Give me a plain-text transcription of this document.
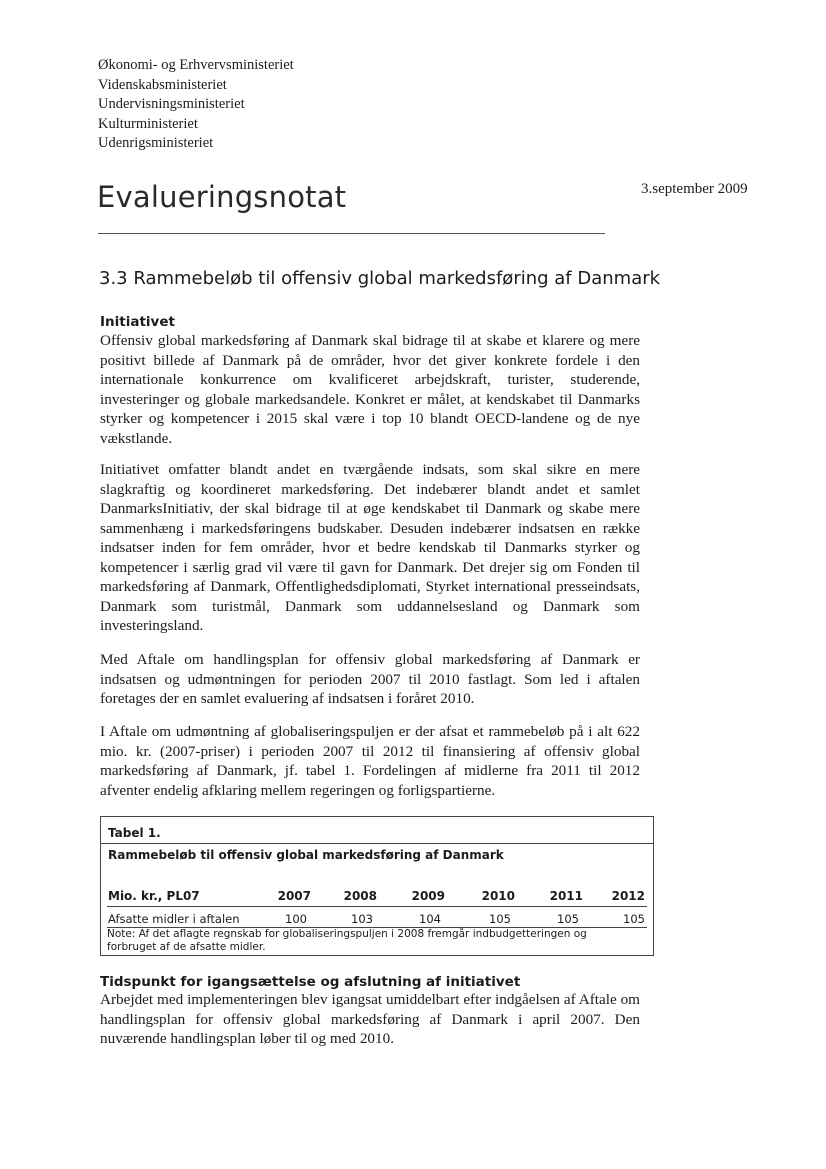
Økonomi- og Erhvervsministeriet
Videnskabsministeriet
Undervisningsministeriet
Kulturministeriet
Udenrigsministeriet
Evalueringsnotat	3.september 2009
3.3 Rammebeløb til offensiv global markedsføring af Danmark
Initiativet

Offensiv global markedsføring af Danmark skal bidrage til at skabe et klarere og mere positivt billede af Danmark på de områder, hvor det giver konkrete fordele i den internationale konkurrence om kvalificeret arbejdskraft, turister, studerende, investeringer og globale markedsandele. Konkret er målet, at kendskabet til Danmarks styrker og kompetencer i 2015 skal være i top 10 blandt OECD-landene og de nye vækstlande.

Initiativet omfatter blandt andet en tværgående indsats, som skal sikre en mere slagkraftig og koordineret markedsføring. Det indebærer blandt andet et samlet DanmarksInitiativ, der skal bidrage til at øge kendskabet til Danmark og skabe mere sammenhæng i markedsføringens budskaber. Desuden indebærer indsatsen en række indsatser inden for fem områder, hvor et bedre kendskab til Danmarks styrker og kompetencer i særlig grad vil være til gavn for Danmark. Det drejer sig om Fonden til markedsføring af Danmark, Offentlighedsdiplomati, Styrket international presseindsats, Danmark som turistmål, Danmark som uddannelsesland og Danmark som investeringsland.

Med Aftale om handlingsplan for offensiv global markedsføring af Danmark er indsatsen og udmøntningen for perioden 2007 til 2010 fastlagt. Som led i aftalen foretages der en samlet evaluering af indsatsen i foråret 2010.

I Aftale om udmøntning af globaliseringspuljen er der afsat et rammebeløb på i alt 622 mio. kr. (2007-priser) i perioden 2007 til 2012 til finansiering af offensiv global markedsføring af Danmark, jf. tabel 1. Fordelingen af midlerne fra 2011 til 2012 afventer endelig afklaring mellem regeringen og forligspartierne.

Tabel 1.
Rammebeløb til offensiv global markedsføring af Danmark
Mio. kr., PL07	2007	2008	2009	2010	2011	2012
Afsatte midler i aftalen	100	103	104	105	105	105
Note: Af det aflagte regnskab for globaliseringspuljen i 2008 fremgår indbudgetteringen og forbruget af de afsatte midler.
Tidspunkt for igangsættelse og afslutning af initiativet

Arbejdet med implementeringen blev igangsat umiddelbart efter indgåelsen af Aftale om handlingsplan for offensiv global markedsføring af Danmark i april 2007. Den nuværende handlingsplan løber til og med 2010.
